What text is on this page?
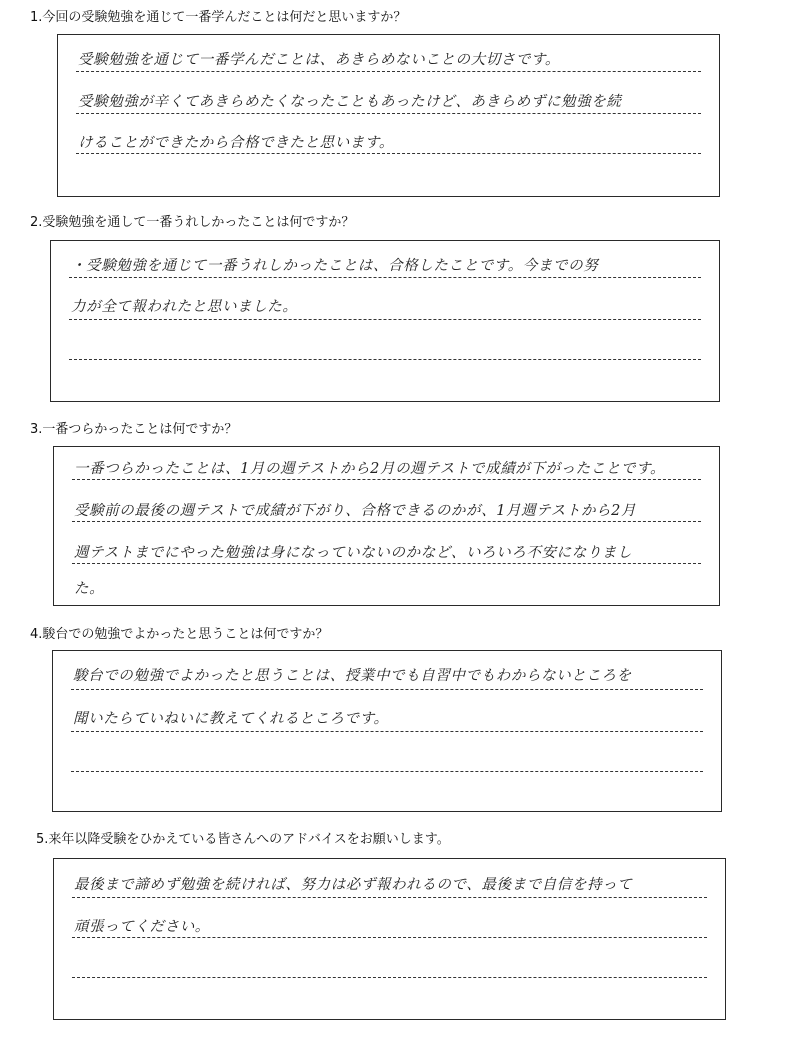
1.今回の受験勉強を通じて一番学んだことは何だと思いますか？
受験勉強を通じて一番学んだことは、あきらめないことの大切さです。
受験勉強が辛くてあきらめたくなったこともあったけど、あきらめずに勉強を続
けることができたから合格できたと思います。
2.受験勉強を通して一番うれしかったことは何ですか？
・受験勉強を通じて一番うれしかったことは、合格したことです。今までの努
力が全て報われたと思いました。
3.一番つらかったことは何ですか？
一番つらかったことは、1月の週テストから2月の週テストで成績が下がったことです。
受験前の最後の週テストで成績が下がり、合格できるのかが、1月週テストから2月
週テストまでにやった勉強は身になっていないのかなど、いろいろ不安になりまし
た。
4.駿台での勉強でよかったと思うことは何ですか？
駿台での勉強でよかったと思うことは、授業中でも自習中でもわからないところを
聞いたらていねいに教えてくれるところです。
5.来年以降受験をひかえている皆さんへのアドバイスをお願いします。
最後まで諦めず勉強を続ければ、努力は必ず報われるので、最後まで自信を持って
頑張ってください。
